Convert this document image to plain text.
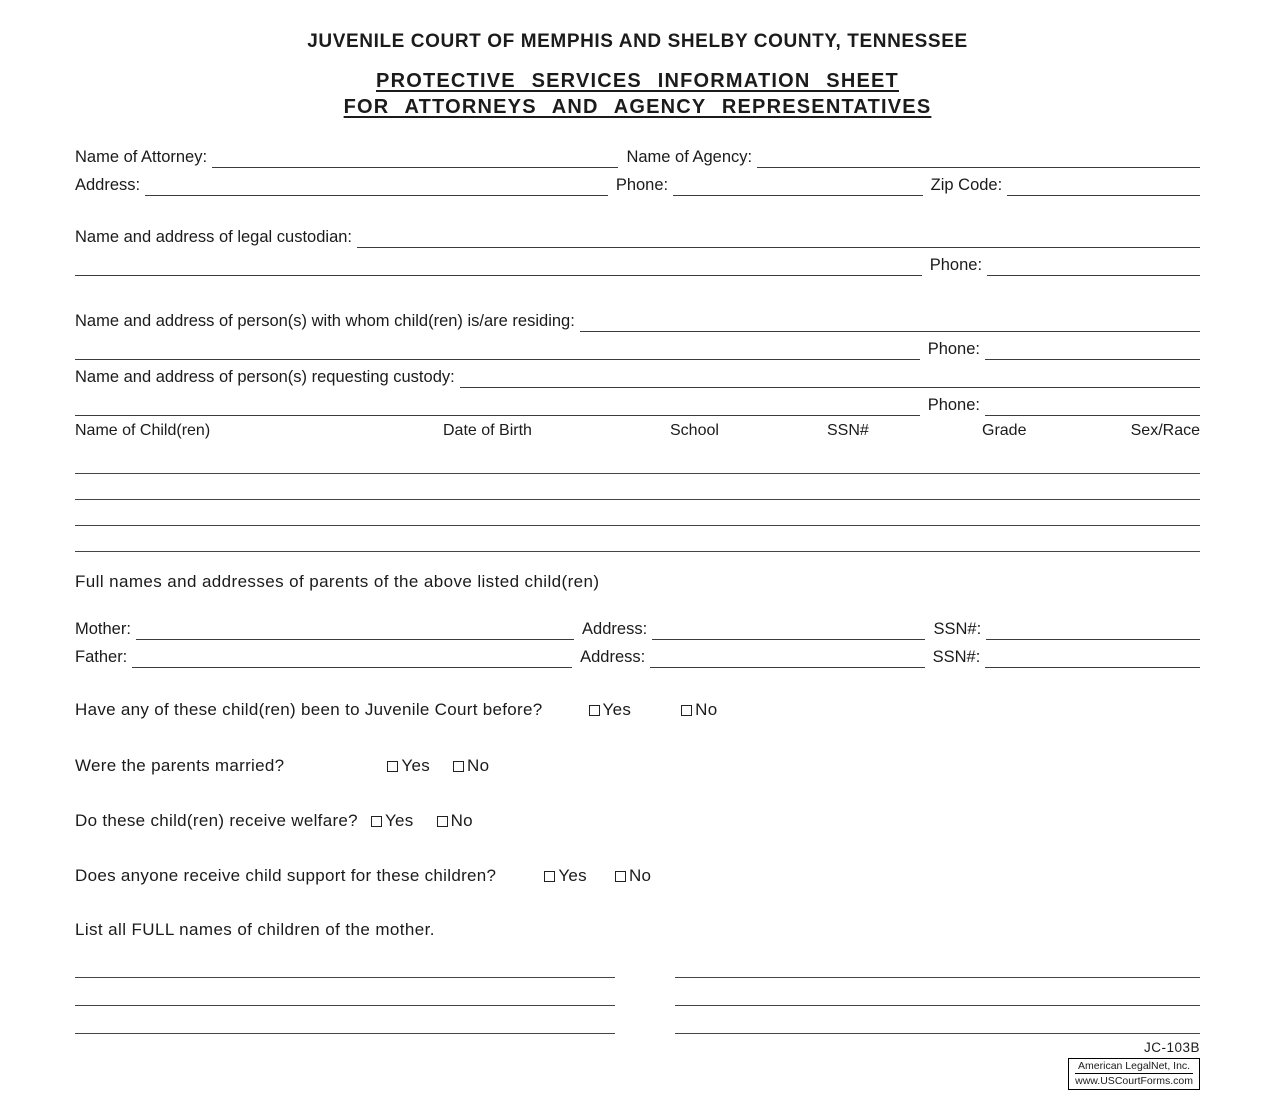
JUVENILE COURT OF MEMPHIS AND SHELBY COUNTY, TENNESSEE
PROTECTIVE SERVICES INFORMATION SHEET
FOR ATTORNEYS AND AGENCY REPRESENTATIVES
Name of Attorney:	Name of Agency:
Address:	Phone:	Zip Code:
Name and address of legal custodian:
Phone:
Name and address of person(s) with whom child(ren) is/are residing:
Phone:
Name and address of person(s) requesting custody:
Phone:
Name of Child(ren)	Date of Birth	School	SSN#	Grade	Sex/Race
Full names and addresses of parents of the above listed child(ren)
Mother:	Address:	SSN#:
Father:	Address:	SSN#:
Have any of these child(ren) been to Juvenile Court before?	Yes	No
Were the parents married?	Yes No
Do these child(ren) receive welfare? Yes No
Does anyone receive child support for these children?	Yes No
List all FULL names of children of the mother.
JC-103B
American LegalNet, Inc.
www.USCourtForms.com
